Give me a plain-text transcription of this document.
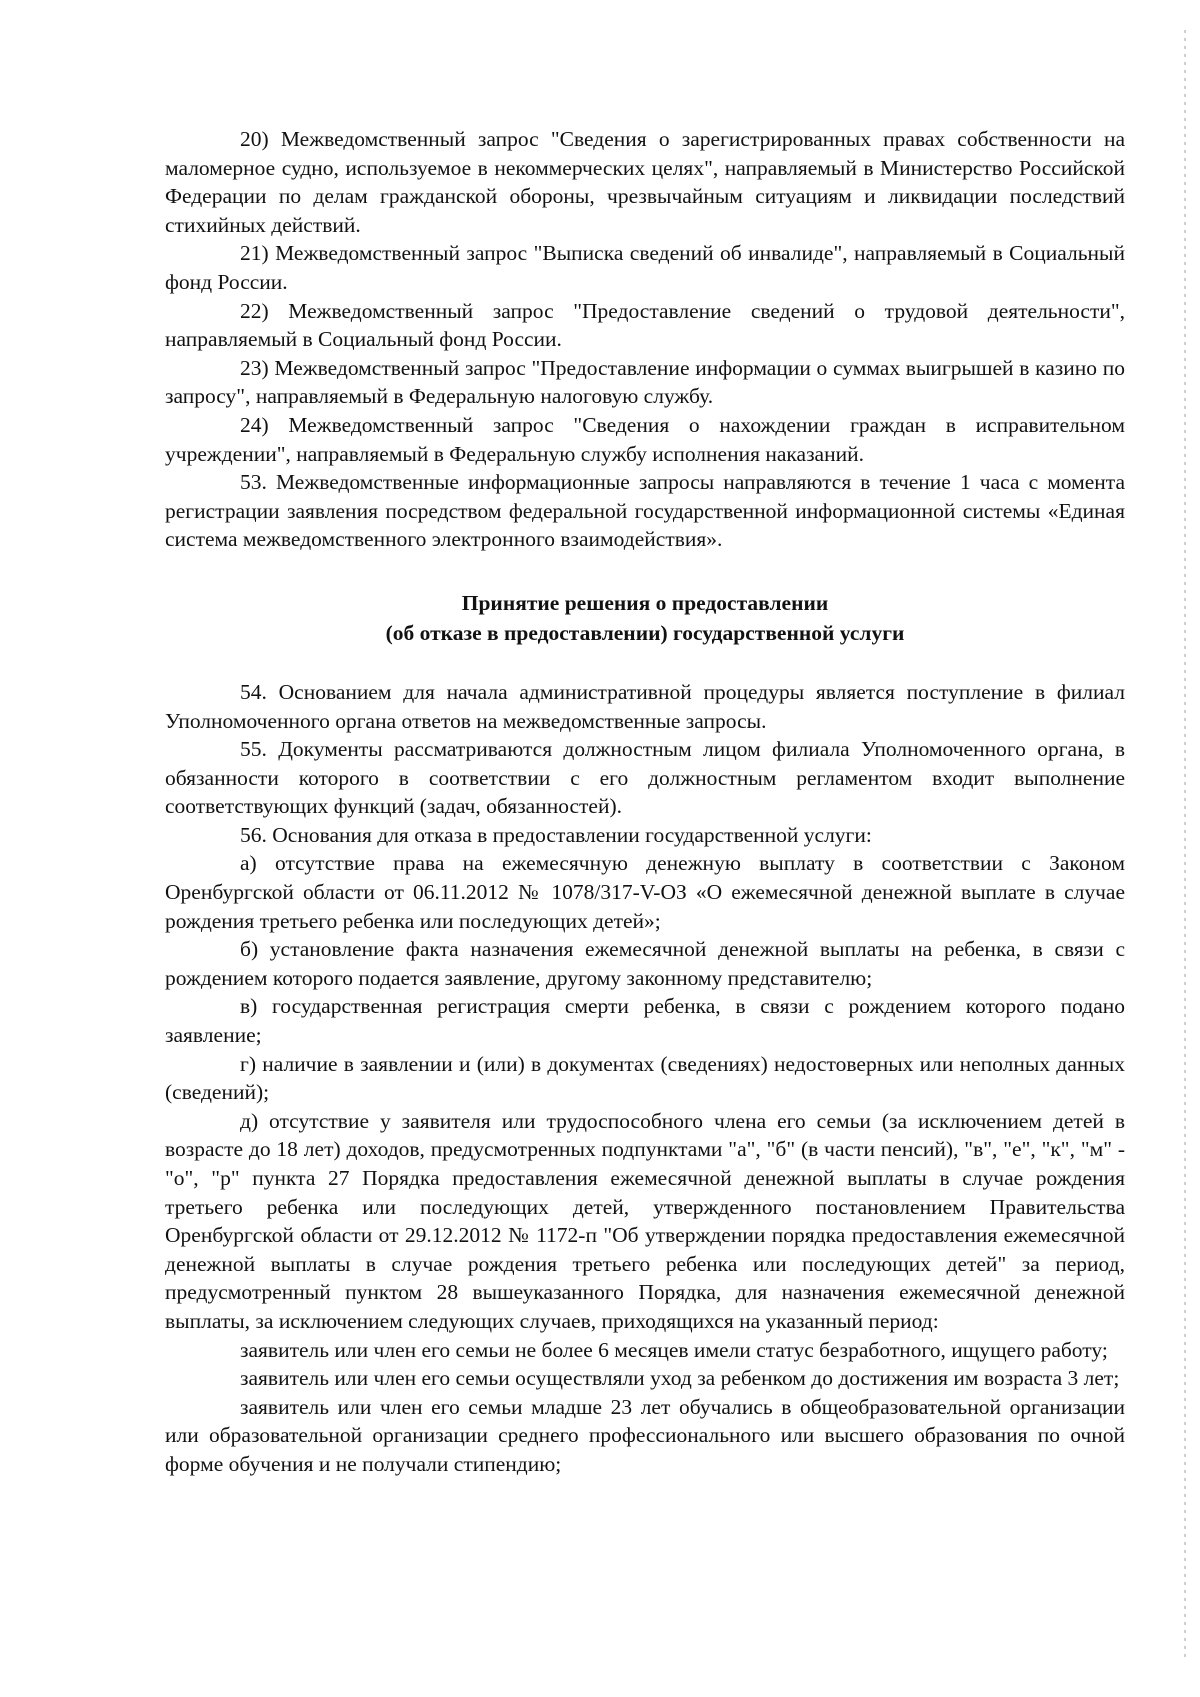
20) Межведомственный запрос "Сведения о зарегистрированных правах собственности на маломерное судно, используемое в некоммерческих целях", направляемый в Министерство Российской Федерации по делам гражданской обороны, чрезвычайным ситуациям и ликвидации последствий стихийных действий.

21) Межведомственный запрос "Выписка сведений об инвалиде", направляемый в Социальный фонд России.

22) Межведомственный запрос "Предоставление сведений о трудовой деятельности", направляемый в Социальный фонд России.

23) Межведомственный запрос "Предоставление информации о суммах выигрышей в казино по запросу", направляемый в Федеральную налоговую службу.

24) Межведомственный запрос "Сведения о нахождении граждан в исправительном учреждении", направляемый в Федеральную службу исполнения наказаний.

53. Межведомственные информационные запросы направляются в течение 1 часа с момента регистрации заявления посредством федеральной государственной информационной системы «Единая система межведомственного электронного взаимодействия».

Принятие решения о предоставлении
(об отказе в предоставлении) государственной услуги

54. Основанием для начала административной процедуры является поступление в филиал Уполномоченного органа ответов на межведомственные запросы.

55. Документы рассматриваются должностным лицом филиала Уполномоченного органа, в обязанности которого в соответствии с его должностным регламентом входит выполнение соответствующих функций (задач, обязанностей).

56. Основания для отказа в предоставлении государственной услуги:

а) отсутствие права на ежемесячную денежную выплату в соответствии с Законом Оренбургской области от 06.11.2012 № 1078/317-V-ОЗ «О ежемесячной денежной выплате в случае рождения третьего ребенка или последующих детей»;

б) установление факта назначения ежемесячной денежной выплаты на ребенка, в связи с рождением которого подается заявление, другому законному представителю;

в) государственная регистрация смерти ребенка, в связи с рождением которого подано заявление;

г) наличие в заявлении и (или) в документах (сведениях) недостоверных или неполных данных (сведений);

д) отсутствие у заявителя или трудоспособного члена его семьи (за исключением детей в возрасте до 18 лет) доходов, предусмотренных подпунктами "а", "б" (в части пенсий), "в", "е", "к", "м" - "о", "р" пункта 27 Порядка предоставления ежемесячной денежной выплаты в случае рождения третьего ребенка или последующих детей, утвержденного постановлением Правительства Оренбургской области от 29.12.2012 № 1172-п "Об утверждении порядка предоставления ежемесячной денежной выплаты в случае рождения третьего ребенка или последующих детей" за период, предусмотренный пунктом 28 вышеуказанного Порядка, для назначения ежемесячной денежной выплаты, за исключением следующих случаев, приходящихся на указанный период:

заявитель или член его семьи не более 6 месяцев имели статус безработного, ищущего работу;

заявитель или член его семьи осуществляли уход за ребенком до достижения им возраста 3 лет;

заявитель или член его семьи младше 23 лет обучались в общеобразовательной организации или образовательной организации среднего профессионального или высшего образования по очной форме обучения и не получали стипендию;
